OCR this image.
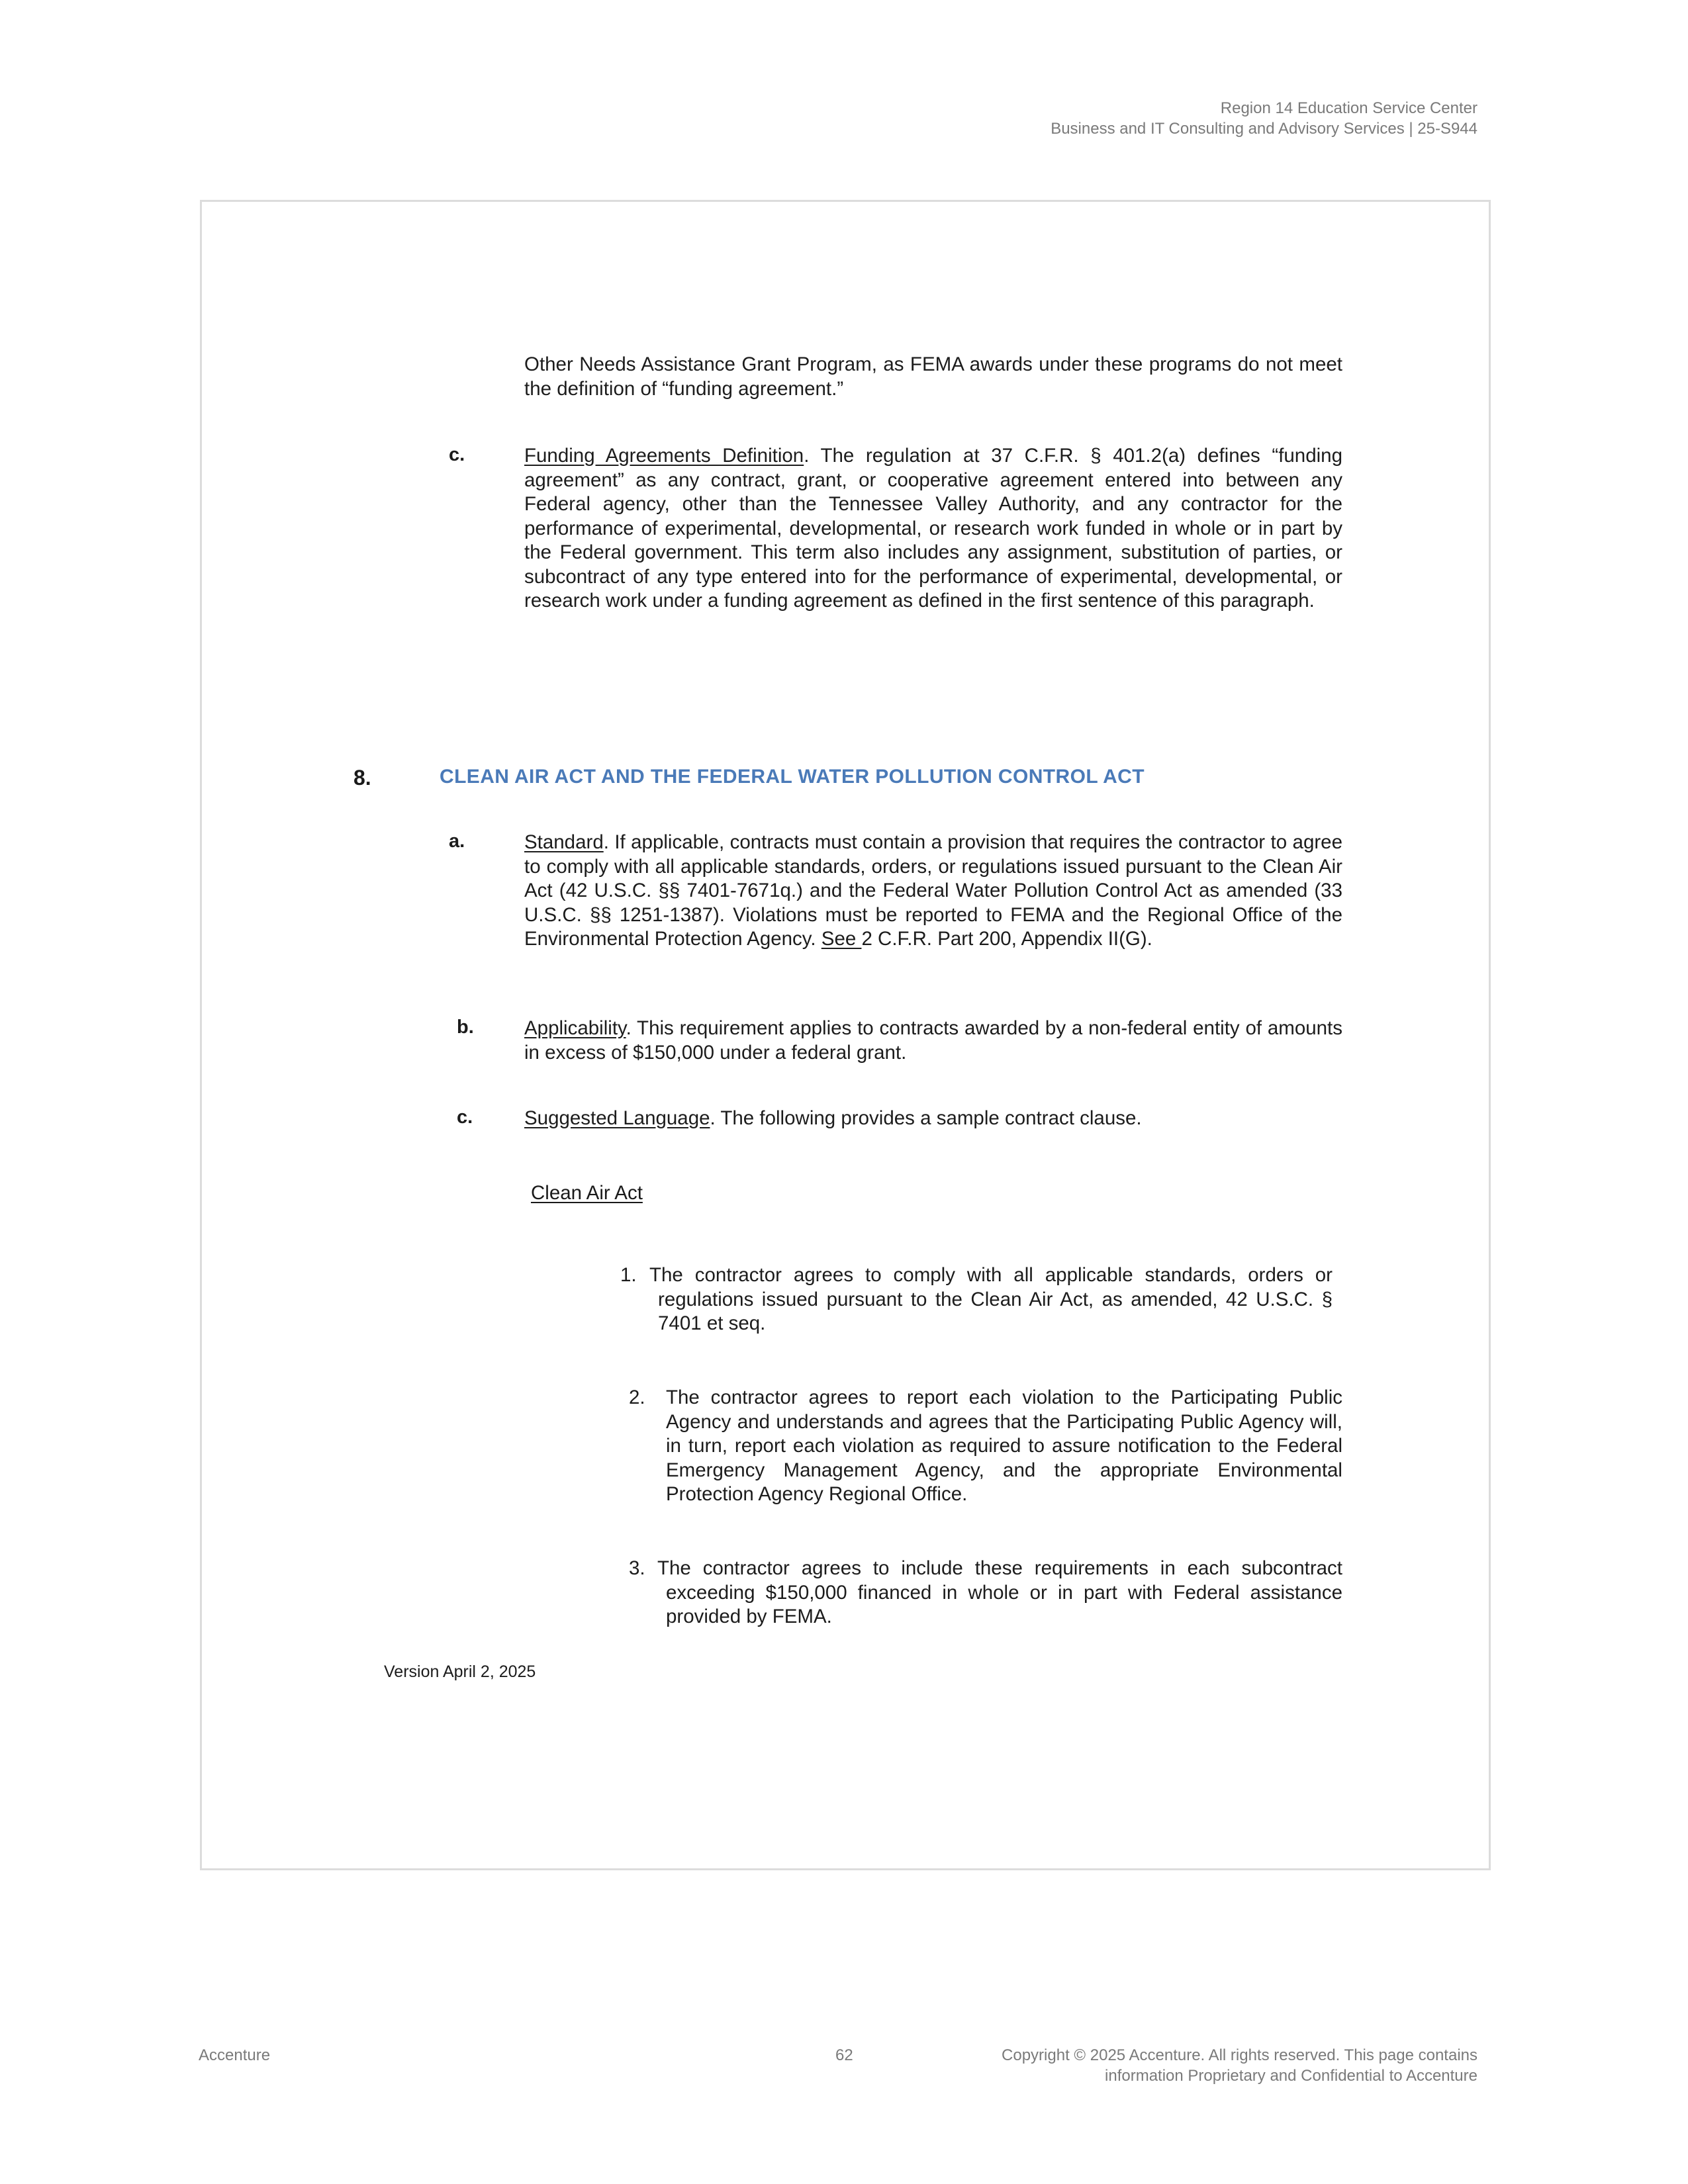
Region 14 Education Service Center
Business and IT Consulting and Advisory Services | 25-S944
Other Needs Assistance Grant Program, as FEMA awards under these programs do not meet the definition of “funding agreement.”
c.	Funding Agreements Definition. The regulation at 37 C.F.R. § 401.2(a) defines “funding agreement” as any contract, grant, or cooperative agreement entered into between any Federal agency, other than the Tennessee Valley Authority, and any contractor for the performance of experimental, developmental, or research work funded in whole or in part by the Federal government. This term also includes any assignment, substitution of parties, or subcontract of any type entered into for the performance of experimental, developmental, or research work under a funding agreement as defined in the first sentence of this paragraph.
8.	CLEAN AIR ACT AND THE FEDERAL WATER POLLUTION CONTROL ACT
a.	Standard. If applicable, contracts must contain a provision that requires the contractor to agree to comply with all applicable standards, orders, or regulations issued pursuant to the Clean Air Act (42 U.S.C. §§ 7401-7671q.) and the Federal Water Pollution Control Act as amended (33 U.S.C. §§ 1251-1387). Violations must be reported to FEMA and the Regional Office of the Environmental Protection Agency. See 2 C.F.R. Part 200, Appendix II(G).
b.	Applicability. This requirement applies to contracts awarded by a non-federal entity of amounts in excess of $150,000 under a federal grant.
c.	Suggested Language. The following provides a sample contract clause.
Clean Air Act
1. The contractor agrees to comply with all applicable standards, orders or regulations issued pursuant to the Clean Air Act, as amended, 42 U.S.C. § 7401 et seq.
2. The contractor agrees to report each violation to the Participating Public Agency and understands and agrees that the Participating Public Agency will, in turn, report each violation as required to assure notification to the Federal Emergency Management Agency, and the appropriate Environmental Protection Agency Regional Office.
3. The contractor agrees to include these requirements in each subcontract exceeding $150,000 financed in whole or in part with Federal assistance provided by FEMA.
Version April 2, 2025
Accenture	62	Copyright © 2025 Accenture. All rights reserved. This page contains
information Proprietary and Confidential to Accenture
